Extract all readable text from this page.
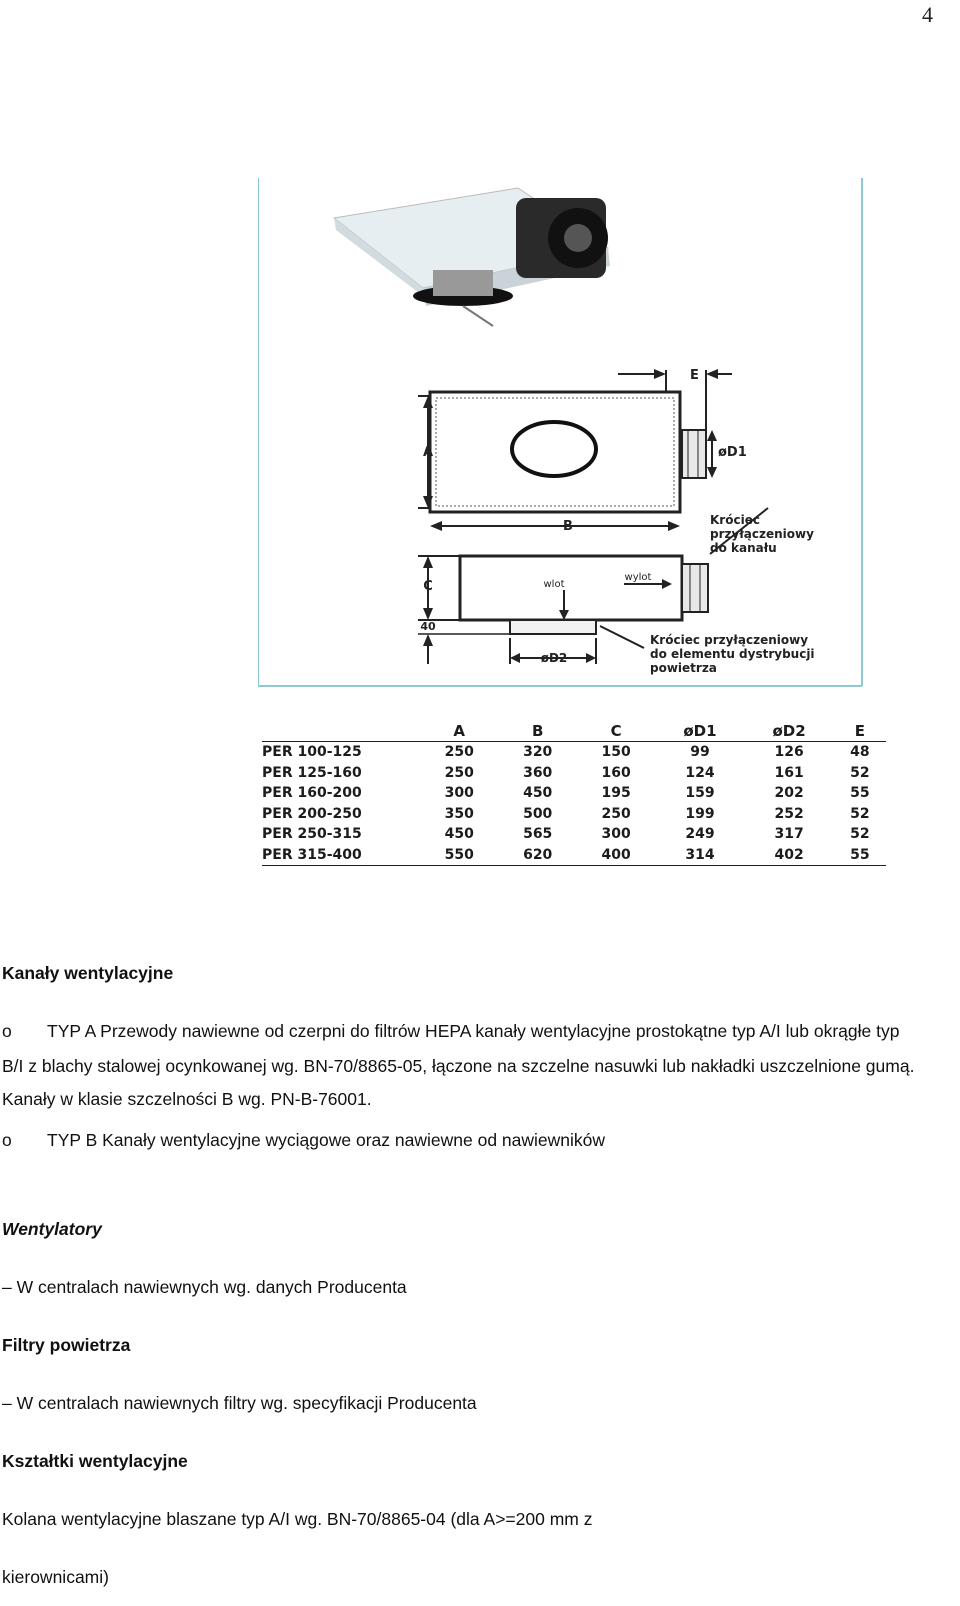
4
A
E
øD1
B
C
40
øD2
wlot
wylot
Króciec
przyłączeniowy
do kanału
Króciec przyłączeniowy
do elementu dystrybucji
powietrza
	A	B	C	øD1	øD2	E
PER 100-125	250	320	150	99	126	48
PER 125-160	250	360	160	124	161	52
PER 160-200	300	450	195	159	202	55
PER 200-250	350	500	250	199	252	52
PER 250-315	450	565	300	249	317	52
PER 315-400	550	620	400	314	402	55
Kanały wentylacyjne
o TYP A Przewody nawiewne od czerpni do filtrów HEPA kanały wentylacyjne prostokątne typ A/I lub okrągłe typ
B/I z blachy stalowej ocynkowanej wg. BN-70/8865-05, łączone na szczelne nasuwki lub nakładki uszczelnione gumą.
Kanały w klasie szczelności B wg. PN-B-76001.
o TYP B Kanały wentylacyjne wyciągowe oraz nawiewne od nawiewników
Wentylatory
– W centralach nawiewnych wg. danych Producenta
Filtry powietrza
– W centralach nawiewnych filtry wg. specyfikacji Producenta
Kształtki wentylacyjne
Kolana wentylacyjne blaszane typ A/I wg. BN-70/8865-04 (dla A>=200 mm z
kierownicami)
